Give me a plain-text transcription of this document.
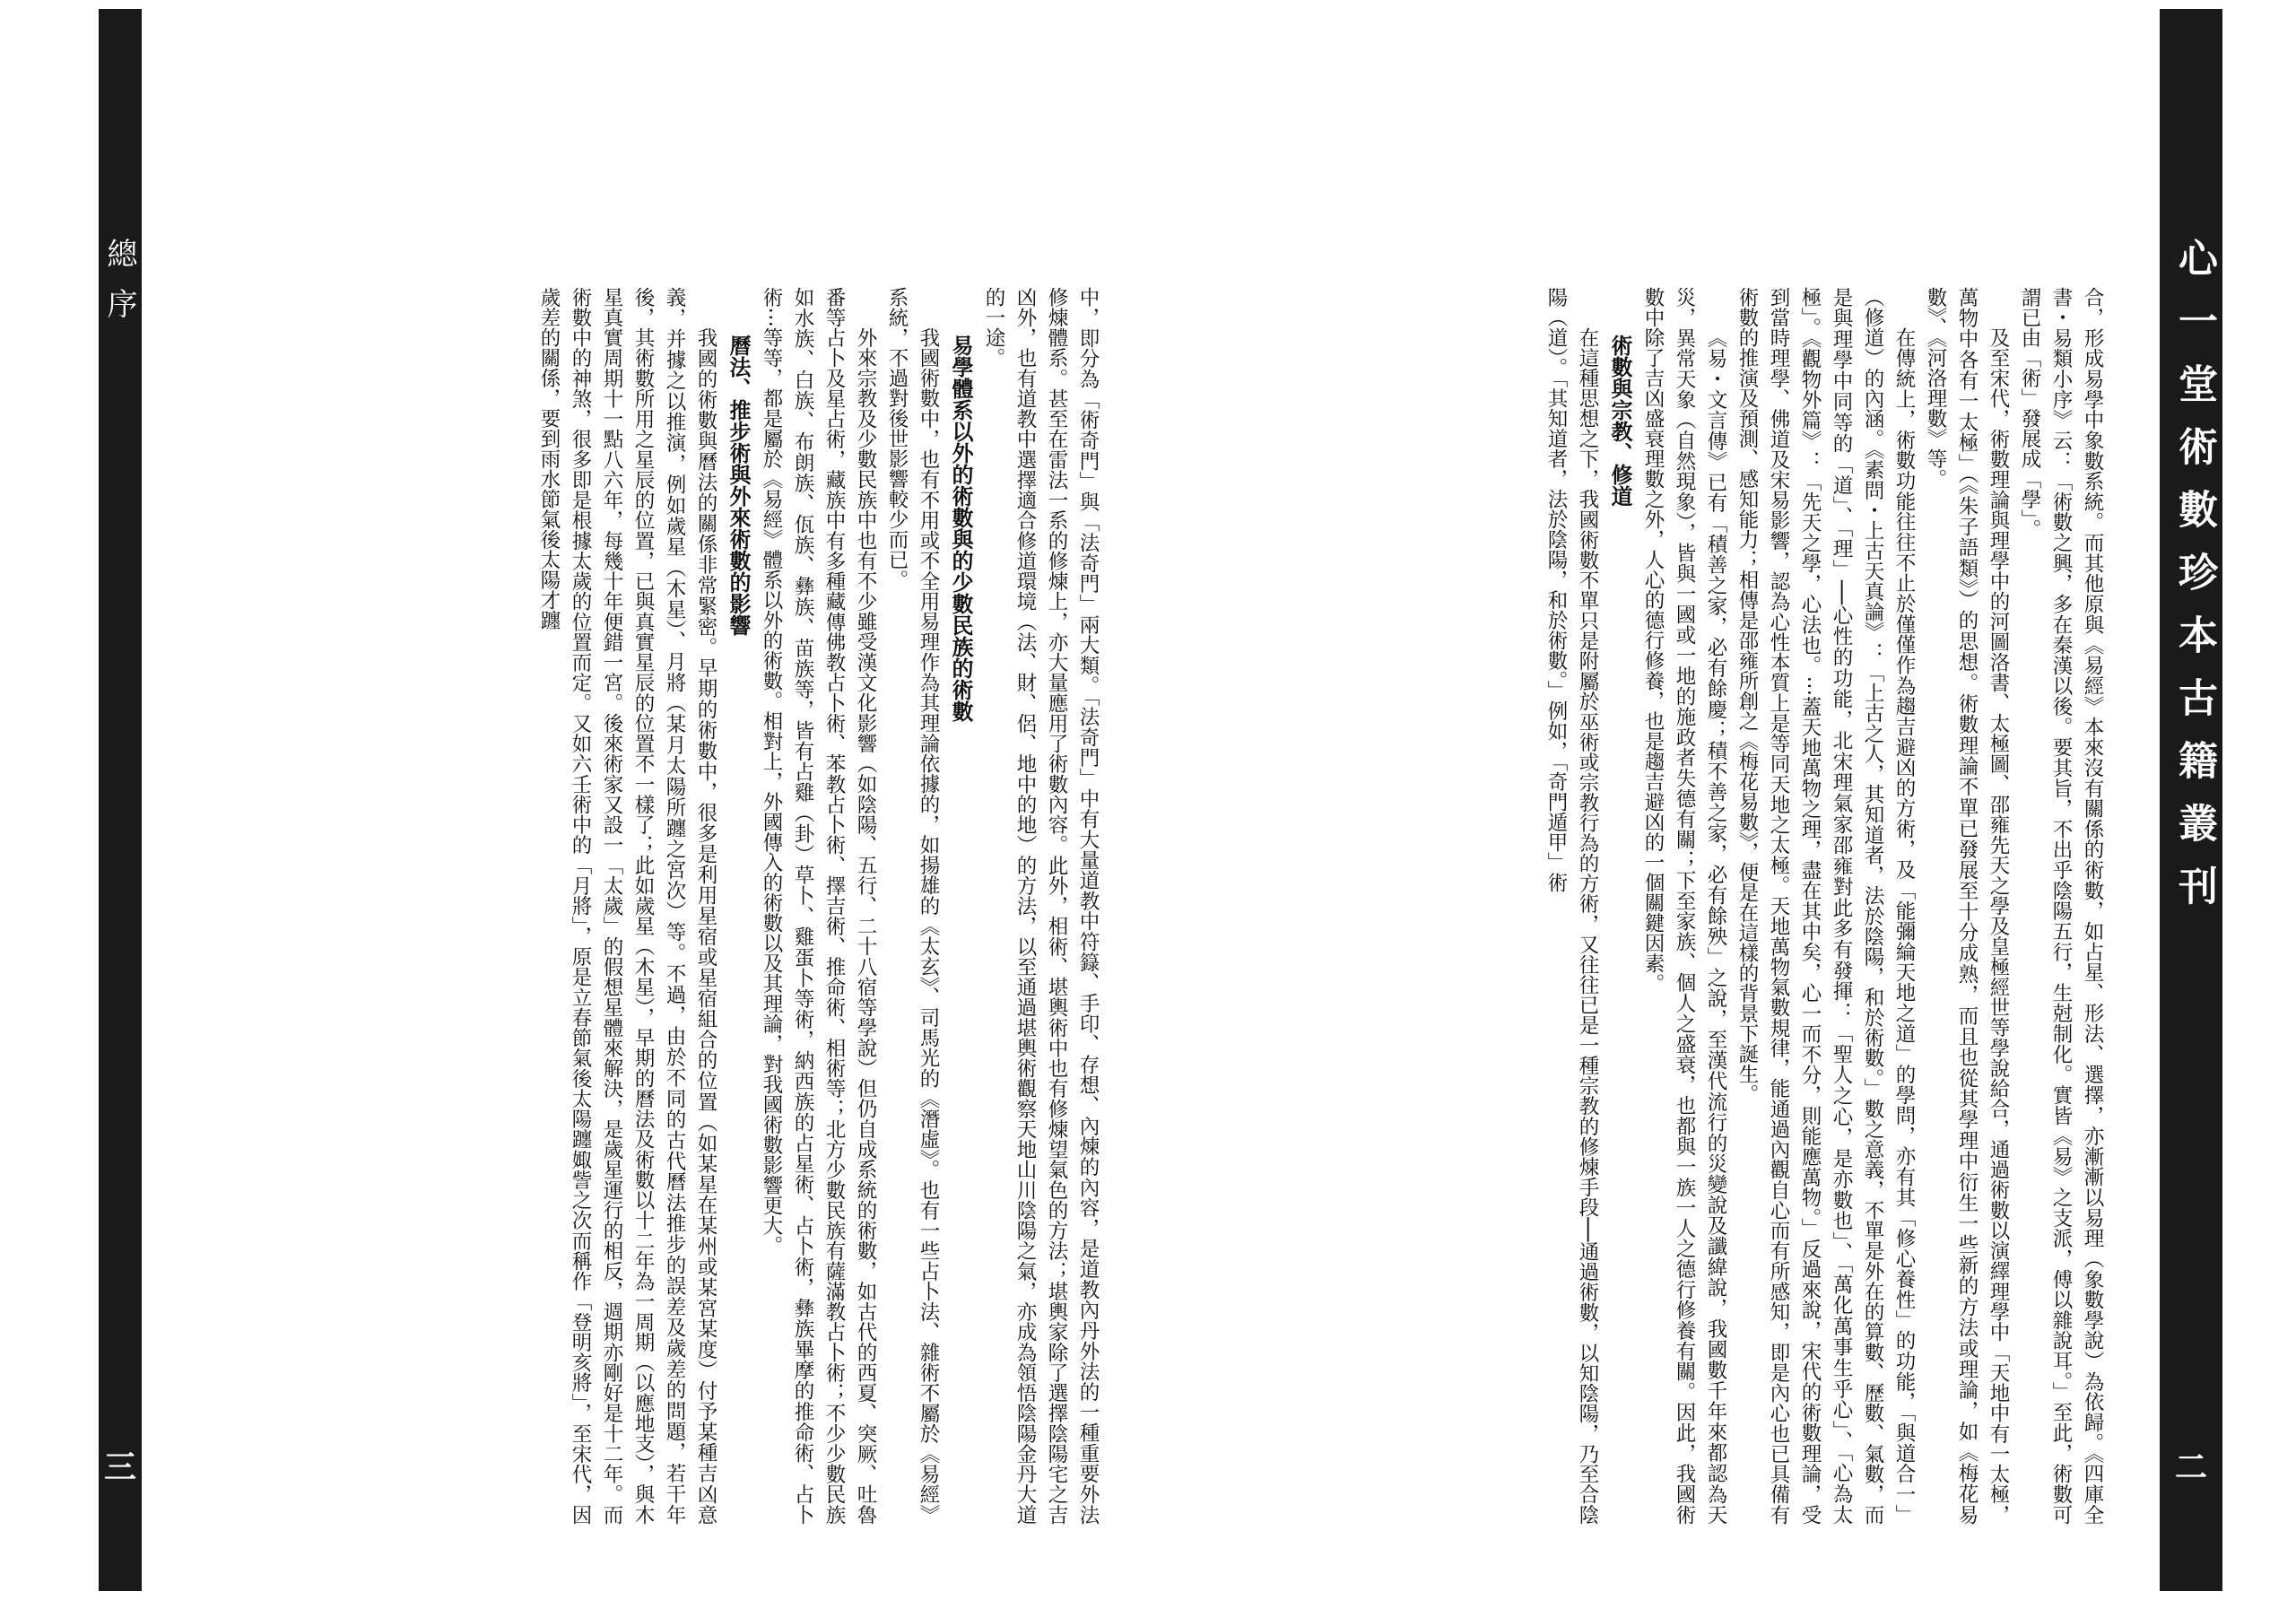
總序
三
心一堂術數珍本古籍叢刊
二

合，形成易學中象數系統。而其他原與《易經》本來沒有關係的術數，如占星、形法、選擇，亦漸漸以易理（象數學說）為依歸。《四庫全書・易類小序》云：「術數之興，多在秦漢以後。要其旨，不出乎陰陽五行，生尅制化。實皆《易》之支派，傅以雜說耳。」至此，術數可謂已由「術」發展成「學」。

及至宋代，術數理論與理學中的河圖洛書、太極圖、邵雍先天之學及皇極經世等學說給合，通過術數以演繹理學中「天地中有一太極，萬物中各有一太極」（《朱子語類》）的思想。術數理論不單已發展至十分成熟，而且也從其學理中衍生一些新的方法或理論，如《梅花易數》、《河洛理數》等。

在傳統上，術數功能往往不止於僅僅作為趨吉避凶的方術，及「能彌綸天地之道」的學問，亦有其「修心養性」的功能，「與道合一」（修道）的內涵。《素問・上古天真論》：「上古之人，其知道者，法於陰陽，和於術數。」數之意義，不單是外在的算數、歷數、氣數，而是與理學中同等的「道」、「理」──心性的功能，北宋理氣家邵雍對此多有發揮：「聖人之心，是亦數也」、「萬化萬事生乎心」、「心為太極」。《觀物外篇》：「先天之學，心法也。⋯蓋天地萬物之理，盡在其中矣，心一而不分，則能應萬物。」反過來說，宋代的術數理論，受到當時理學、佛道及宋易影響，認為心性本質上是等同天地之太極。天地萬物氣數規律，能通過內觀自心而有所感知，即是內心也已具備有術數的推演及預測、感知能力；相傳是邵雍所創之《梅花易數》，便是在這樣的背景下誕生。

《易・文言傳》已有「積善之家，必有餘慶；積不善之家，必有餘殃」之說，至漢代流行的災變說及讖緯說，我國數千年來都認為天災，異常天象（自然現象），皆與一國或一地的施政者失德有關；下至家族、個人之盛衰，也都與一族一人之德行修養有關。因此，我國術數中除了吉凶盛衰理數之外，人心的德行修養，也是趨吉避凶的一個關鍵因素。

術數與宗教、修道

在這種思想之下，我國術數不單只是附屬於巫術或宗教行為的方術，又往往已是一種宗教的修煉手段──通過術數，以知陰陽，乃至合陰陽（道）。「其知道者，法於陰陽，和於術數。」例如，「奇門遁甲」術

中，即分為「術奇門」與「法奇門」兩大類。「法奇門」中有大量道教中符籙、手印、存想、內煉的內容，是道教內丹外法的一種重要外法修煉體系。甚至在雷法一系的修煉上，亦大量應用了術數內容。此外，相術、堪輿術中也有修煉望氣色的方法；堪輿家除了選擇陰陽宅之吉凶外，也有道教中選擇適合修道環境（法、財、侶、地中的地）的方法，以至通過堪輿術觀察天地山川陰陽之氣，亦成為領悟陰陽金丹大道的一途。

易學體系以外的術數與的少數民族的術數

我國術數中，也有不用或不全用易理作為其理論依據的，如揚雄的《太玄》、司馬光的《潛虛》。也有一些占卜法、雜術不屬於《易經》系統，不過對後世影響較少而已。

外來宗教及少數民族中也有不少雖受漢文化影響（如陰陽、五行、二十八宿等學說）但仍自成系統的術數，如古代的西夏、突厥、吐魯番等占卜及星占術，藏族中有多種藏傳佛教占卜術、苯教占卜術、擇吉術、推命術、相術等；北方少數民族有薩滿教占卜術；不少少數民族如水族、白族、布朗族、佤族、彝族、苗族等，皆有占雞（卦）草卜、雞蛋卜等術，納西族的占星術、占卜術，彝族畢摩的推命術、占卜術⋯等等，都是屬於《易經》體系以外的術數。相對上，外國傳入的術數以及其理論，對我國術數影響更大。

曆法、推步術與外來術數的影響

我國的術數與曆法的關係非常緊密。早期的術數中，很多是利用星宿或星宿組合的位置（如某星在某州或某宮某度）付予某種吉凶意義，并據之以推演，例如歲星（木星）、月將（某月太陽所躔之宮次）等。不過，由於不同的古代曆法推步的誤差及歲差的問題，若干年後，其術數所用之星辰的位置，已與真實星辰的位置不一樣了；此如歲星（木星），早期的曆法及術數以十二年為一周期（以應地支），與木星真實周期十一點八六年，每幾十年便錯一宮。後來術家又設一「太歲」的假想星體來解決，是歲星運行的相反，週期亦剛好是十二年。而術數中的神煞，很多即是根據太歲的位置而定。又如六壬術中的「月將」，原是立春節氣後太陽躔娵訾之次而稱作「登明亥將」，至宋代，因歲差的關係，要到雨水節氣後太陽才躔
